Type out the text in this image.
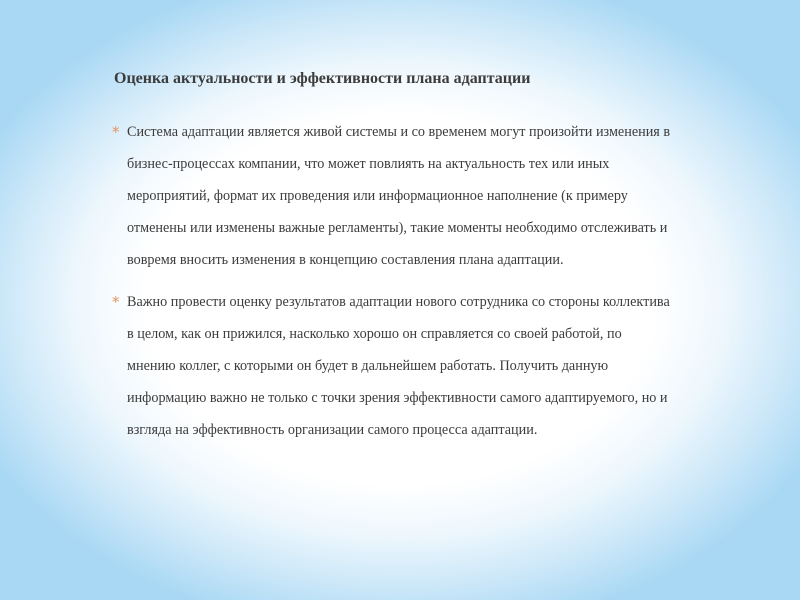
Оценка актуальности и эффективности плана адаптации
* Система адаптации является живой системы и со временем могут произойти изменения в бизнес-процессах компании, что может повлиять на актуальность тех или иных мероприятий, формат их проведения или информационное наполнение (к примеру отменены или изменены важные регламенты), такие моменты необходимо отслеживать и вовремя вносить изменения в концепцию составления плана адаптации.
* Важно провести оценку результатов адаптации нового сотрудника со стороны коллектива в целом, как он прижился, насколько хорошо он справляется со своей работой, по мнению коллег, с которыми он будет в дальнейшем работать. Получить данную информацию важно не только с точки зрения эффективности самого адаптируемого, но и взгляда на эффективность организации самого процесса адаптации.
